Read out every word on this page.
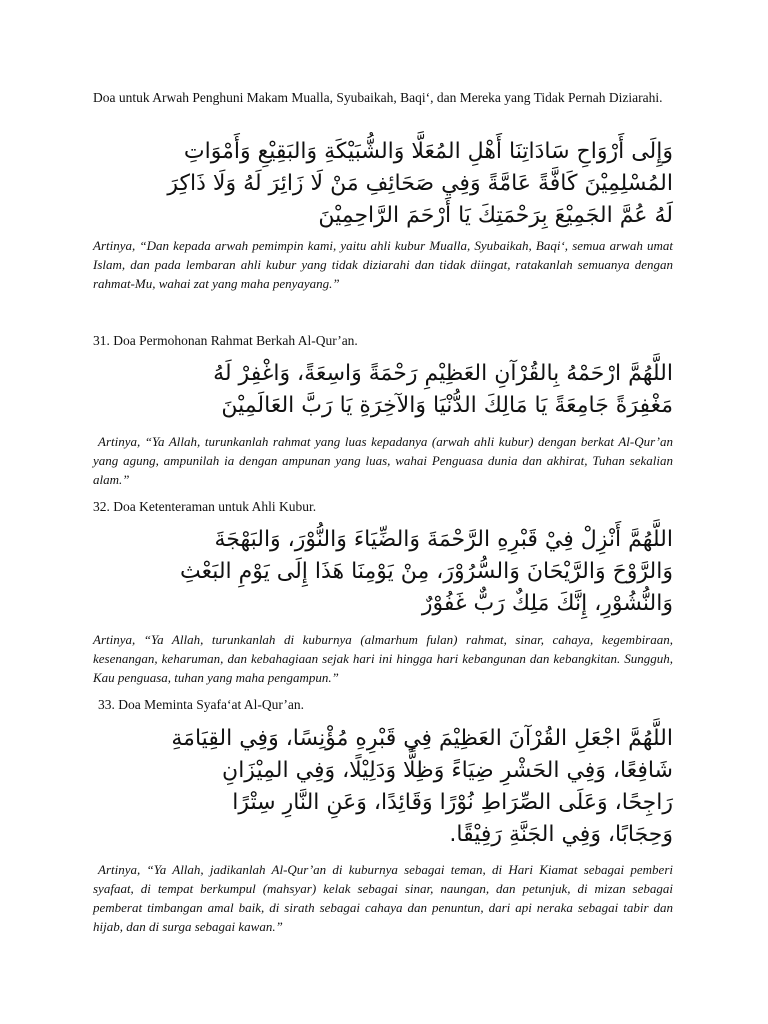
Doa untuk Arwah Penghuni Makam Mualla, Syubaikah, Baqi‘, dan Mereka yang Tidak Pernah Diziarahi.
وَإِلَى أَرْوَاحِ سَادَاتِنَا أَهْلِ المُعَلَّا وَالشُّبَيْكَةِ وَالبَقِيْعِ وَأَمْوَاتِ
المُسْلِمِيْنَ كَافَّةً عَامَّةً وَفِي صَحَائِفِ مَنْ لَا زَائِرَ لَهُ وَلَا ذَاكِرَ
لَهُ عُمَّ الجَمِيْعَ بِرَحْمَتِكَ يَا أَرْحَمَ الرَّاحِمِيْنَ
Artinya, “Dan kepada arwah pemimpin kami, yaitu ahli kubur Mualla, Syubaikah, Baqi‘, semua arwah umat Islam, dan pada lembaran ahli kubur yang tidak diziarahi dan tidak diingat, ratakanlah semuanya dengan rahmat-Mu, wahai zat yang maha penyayang.”
31. Doa Permohonan Rahmat Berkah Al-Qur’an.
اللَّهُمَّ ارْحَمْهُ بِالقُرْآنِ العَظِيْمِ رَحْمَةً وَاسِعَةً، وَاغْفِرْ لَهُ
مَغْفِرَةً جَامِعَةً يَا مَالِكَ الدُّنْيَا وَالآخِرَةِ يَا رَبَّ العَالَمِيْنَ
Artinya, “Ya Allah, turunkanlah rahmat yang luas kepadanya (arwah ahli kubur) dengan berkat Al-Qur’an yang agung, ampunilah ia dengan ampunan yang luas, wahai Penguasa dunia dan akhirat, Tuhan sekalian alam.”
32. Doa Ketenteraman untuk Ahli Kubur.
اللَّهُمَّ أَنْزِلْ فِيْ قَبْرِهِ الرَّحْمَةَ وَالضِّيَاءَ وَالنُّوْرَ، وَالبَهْجَةَ
وَالرَّوْحَ وَالرَّيْحَانَ وَالسُّرُوْرَ، مِنْ يَوْمِنَا هَذَا إِلَى يَوْمِ البَعْثِ
وَالنُّشُوْرِ، إِنَّكَ مَلِكٌ رَبٌّ غَفُوْرٌ
Artinya, “Ya Allah, turunkanlah di kuburnya (almarhum fulan) rahmat, sinar, cahaya, kegembiraan, kesenangan, keharuman, dan kebahagiaan sejak hari ini hingga hari kebangunan dan kebangkitan. Sungguh, Kau penguasa, tuhan yang maha pengampun.”
33. Doa Meminta Syafa‘at Al-Qur’an.
اللَّهُمَّ اجْعَلِ القُرْآنَ العَظِيْمَ فِي قَبْرِهِ مُؤْنِسًا، وَفِي القِيَامَةِ
شَافِعًا، وَفِي الحَشْرِ ضِيَاءً وَظِلًّا وَدَلِيْلًا، وَفِي المِيْزَانِ
رَاجِحًا، وَعَلَى الصِّرَاطِ نُوْرًا وَقَائِدًا، وَعَنِ النَّارِ سِتْرًا
وَحِجَابًا، وَفِي الجَنَّةِ رَفِيْقًا.
Artinya, “Ya Allah, jadikanlah Al-Qur’an di kuburnya sebagai teman, di Hari Kiamat sebagai pemberi syafaat, di tempat berkumpul (mahsyar) kelak sebagai sinar, naungan, dan petunjuk, di mizan sebagai pemberat timbangan amal baik, di sirath sebagai cahaya dan penuntun, dari api neraka sebagai tabir dan hijab, dan di surga sebagai kawan.”
